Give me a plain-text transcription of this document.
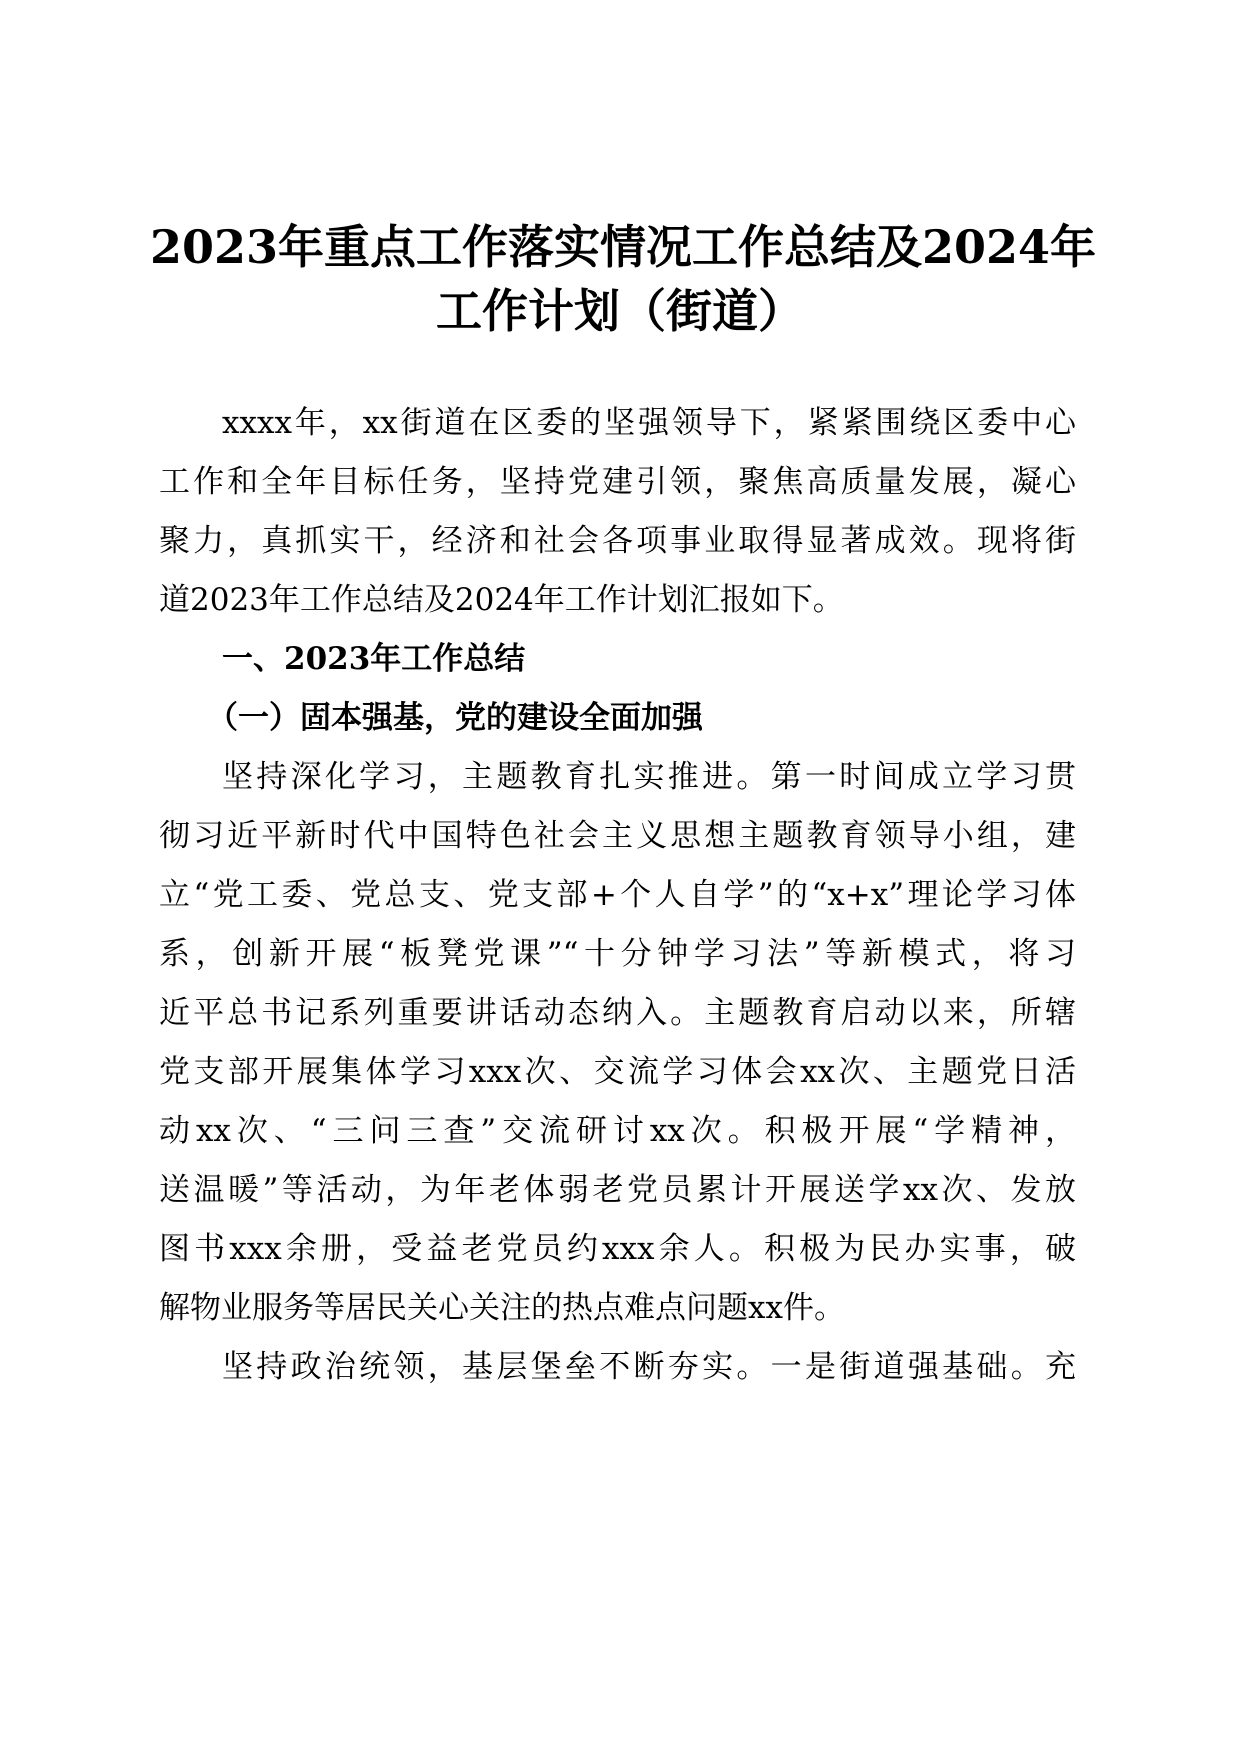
2023年重点工作落实情况工作总结及2024年
工作计划（街道）

xxxx年，xx街道在区委的坚强领导下，紧紧围绕区委中心

工作和全年目标任务，坚持党建引领，聚焦高质量发展，凝心

聚力，真抓实干，经济和社会各项事业取得显著成效。现将街

道2023年工作总结及2024年工作计划汇报如下。

一、2023年工作总结

（一）固本强基，党的建设全面加强

坚持深化学习，主题教育扎实推进。第一时间成立学习贯

彻习近平新时代中国特色社会主义思想主题教育领导小组，建

立“党工委、党总支、党支部+个人自学”的“x+x”理论学习体

系，创新开展“板凳党课”“十分钟学习法”等新模式，将习

近平总书记系列重要讲话动态纳入。主题教育启动以来，所辖

党支部开展集体学习xxx次、交流学习体会xx次、主题党日活

动xx次、“三问三查”交流研讨xx次。积极开展“学精神，

送温暖”等活动，为年老体弱老党员累计开展送学xx次、发放

图书xxx余册，受益老党员约xxx余人。积极为民办实事，破

解物业服务等居民关心关注的热点难点问题xx件。

坚持政治统领，基层堡垒不断夯实。一是街道强基础。充
